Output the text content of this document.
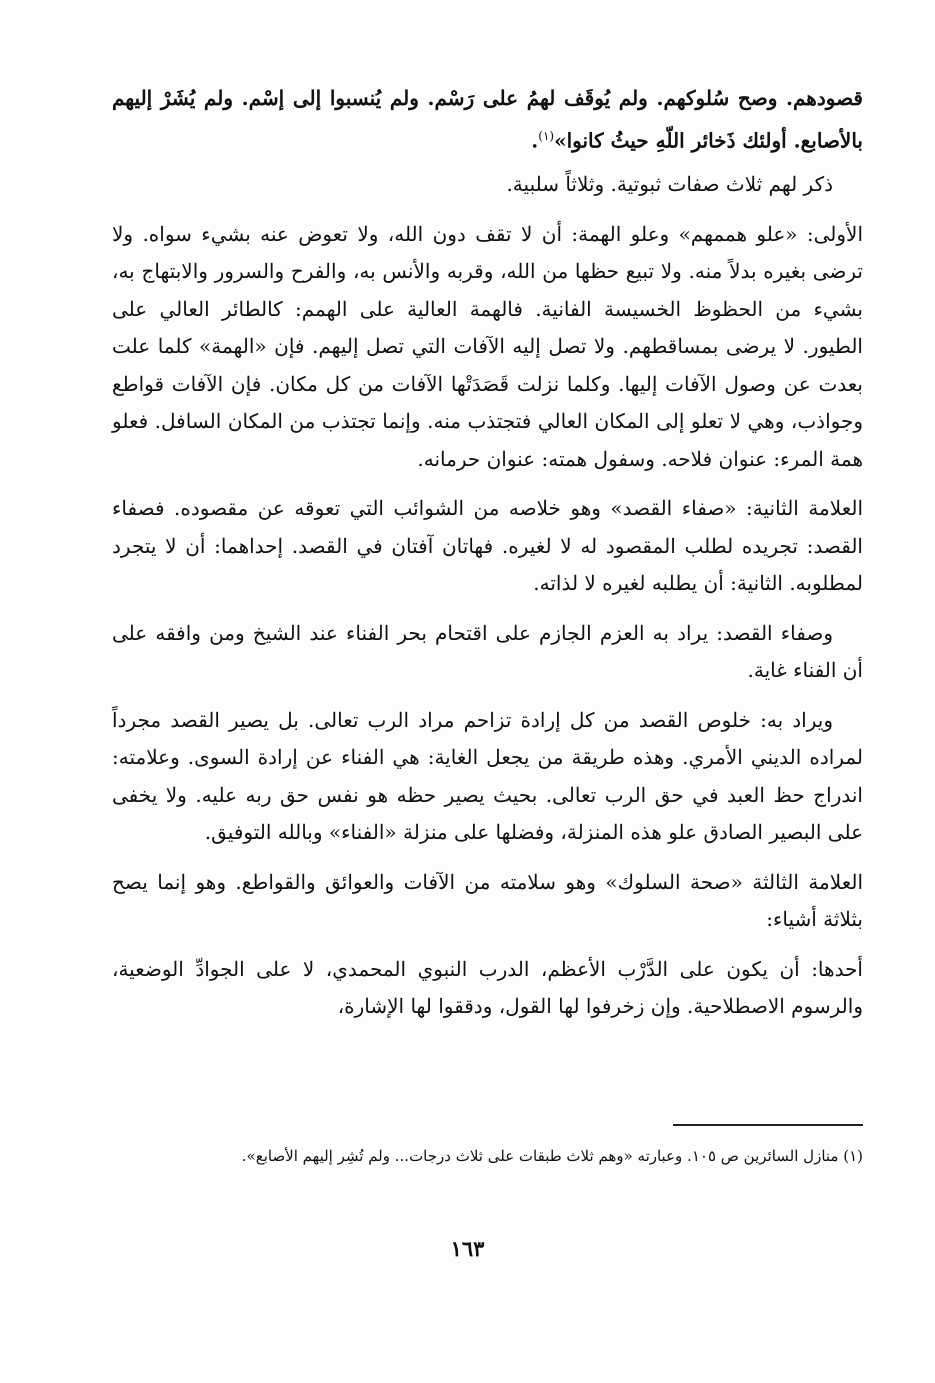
قصودهم. وصح سُلوكهم. ولم يُوقَف لهمُ على رَسْم. ولم يُنسبوا إلى إسْم. ولم يُشَرْ إليهم بالأصابع. أولئك ذَخائر اللّهِ حيثُ كانوا»$^{(١)}$.

ذكر لهم ثلاث صفات ثبوتية. وثلاثاً سلبية.

الأولى: «علو هممهم» وعلو الهمة: أن لا تقف دون الله، ولا تعوض عنه بشيء سواه. ولا ترضى بغيره بدلاً منه. ولا تبيع حظها من الله، وقربه والأنس به، والفرح والسرور والابتهاج به، بشيء من الحظوظ الخسيسة الفانية. فالهمة العالية على الهمم: كالطائر العالي على الطيور. لا يرضى بمساقطهم. ولا تصل إليه الآفات التي تصل إليهم. فإن «الهمة» كلما علت بعدت عن وصول الآفات إليها. وكلما نزلت قَصَدَتْها الآفات من كل مكان. فإن الآفات قواطع وجواذب، وهي لا تعلو إلى المكان العالي فتجتذب منه. وإنما تجتذب من المكان السافل. فعلو همة المرء: عنوان فلاحه. وسفول همته: عنوان حرمانه.

العلامة الثانية: «صفاء القصد» وهو خلاصه من الشوائب التي تعوقه عن مقصوده. فصفاء القصد: تجريده لطلب المقصود له لا لغيره. فهاتان آفتان في القصد. إحداهما: أن لا يتجرد لمطلوبه. الثانية: أن يطلبه لغيره لا لذاته.

وصفاء القصد: يراد به العزم الجازم على اقتحام بحر الفناء عند الشيخ ومن وافقه على أن الفناء غاية.

ويراد به: خلوص القصد من كل إرادة تزاحم مراد الرب تعالى. بل يصير القصد مجرداً لمراده الديني الأمري. وهذه طريقة من يجعل الغاية: هي الفناء عن إرادة السوى. وعلامته: اندراج حظ العبد في حق الرب تعالى. بحيث يصير حظه هو نفس حق ربه عليه. ولا يخفى على البصير الصادق علو هذه المنزلة، وفضلها على منزلة «الفناء» وبالله التوفيق.

العلامة الثالثة «صحة السلوك» وهو سلامته من الآفات والعوائق والقواطع. وهو إنما يصح بثلاثة أشياء:

أحدها: أن يكون على الدَّرْب الأعظم، الدرب النبوي المحمدي، لا على الجوادِّ الوضعية، والرسوم الاصطلاحية. وإن زخرفوا لها القول، ودققوا لها الإشارة،

(١) منازل السائرين ص ١٠٥. وعبارته «وهم ثلاث طبقات على ثلاث درجات... ولم تُشِر إليهم الأصابع».
١٦٣
